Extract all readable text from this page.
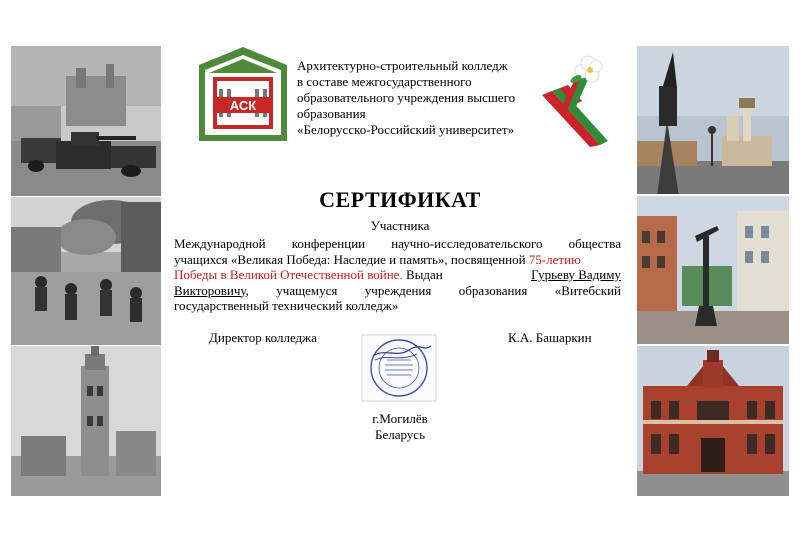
АСК
Архитектурно-строительный колледж
в составе межгосударственного
образовательного учреждения высшего
образования
«Белорусско-Российский университет»
СЕРТИФИКАТ
Участника
Международной конференции научно-исследовательского общества
учащихся «Великая Победа: Наследие и память», посвященной 75-летию
Победы в Великой Отечественной войне. Выдан	Гурьеву Вадиму
Викторовичу, учащемуся учреждения образования «Витебский
государственный технический колледж»
Директор колледжа	К.А. Башаркин
г.Могилёв
Беларусь
